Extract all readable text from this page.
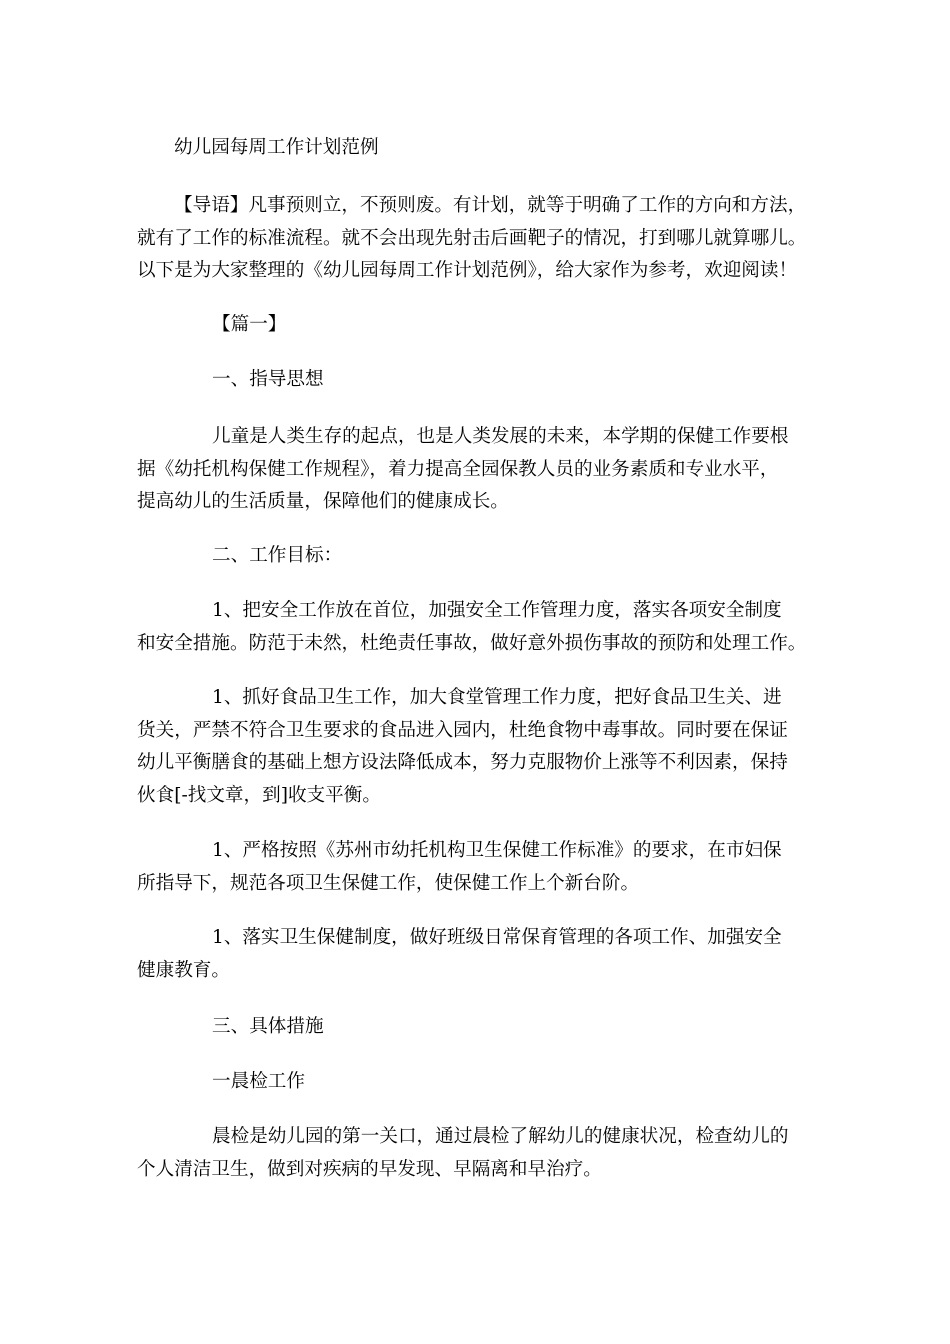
幼儿园每周工作计划范例
【导语】凡事预则立，不预则废。有计划，就等于明确了工作的方向和方法，
就有了工作的标准流程。就不会出现先射击后画靶子的情况，打到哪儿就算哪儿。
以下是为大家整理的《幼儿园每周工作计划范例》，给大家作为参考，欢迎阅读！
【篇一】
一、指导思想
儿童是人类生存的起点，也是人类发展的未来，本学期的保健工作要根
据《幼托机构保健工作规程》，着力提高全园保教人员的业务素质和专业水平，
提高幼儿的生活质量，保障他们的健康成长。
二、工作目标：
1、把安全工作放在首位，加强安全工作管理力度，落实各项安全制度
和安全措施。防范于未然，杜绝责任事故，做好意外损伤事故的预防和处理工作。
1、抓好食品卫生工作，加大食堂管理工作力度，把好食品卫生关、进
货关，严禁不符合卫生要求的食品进入园内，杜绝食物中毒事故。同时要在保证
幼儿平衡膳食的基础上想方设法降低成本，努力克服物价上涨等不利因素，保持
伙食[-找文章，到]收支平衡。
1、严格按照《苏州市幼托机构卫生保健工作标准》的要求，在市妇保
所指导下，规范各项卫生保健工作，使保健工作上个新台阶。
1、落实卫生保健制度，做好班级日常保育管理的各项工作、加强安全
健康教育。
三、具体措施
一晨检工作
晨检是幼儿园的第一关口，通过晨检了解幼儿的健康状况，检查幼儿的
个人清洁卫生，做到对疾病的早发现、早隔离和早治疗。
